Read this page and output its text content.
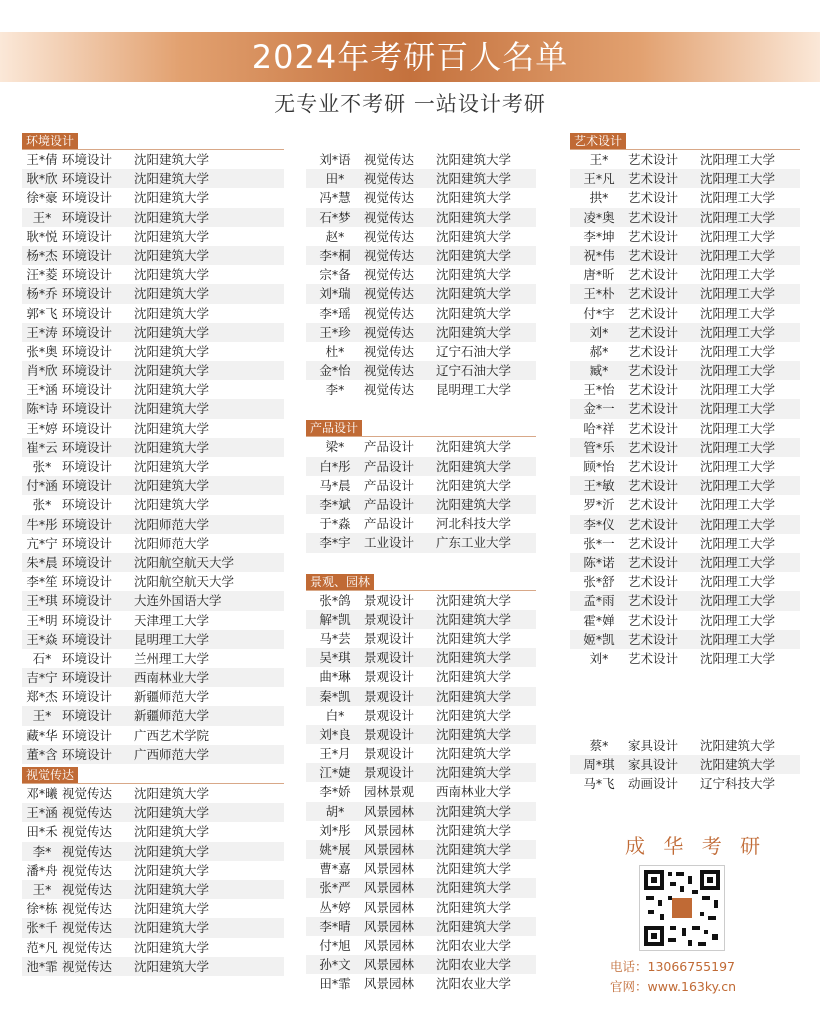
2024年考研百人名单
无专业不考研 一站设计考研
环境设计
王*倩 环境设计	沈阳建筑大学
耿*欣 环境设计	沈阳建筑大学
徐*豪 环境设计	沈阳建筑大学
王* 环境设计	沈阳建筑大学
耿*悦 环境设计	沈阳建筑大学
杨*杰 环境设计	沈阳建筑大学
汪*菱 环境设计	沈阳建筑大学
杨*乔 环境设计	沈阳建筑大学
郭*飞 环境设计	沈阳建筑大学
王*涛 环境设计	沈阳建筑大学
张*奥 环境设计	沈阳建筑大学
肖*欣 环境设计	沈阳建筑大学
王*涵 环境设计	沈阳建筑大学
陈*诗 环境设计	沈阳建筑大学
王*婷 环境设计	沈阳建筑大学
崔*云 环境设计	沈阳建筑大学
张* 环境设计	沈阳建筑大学
付*涵 环境设计	沈阳建筑大学
张* 环境设计	沈阳建筑大学
牛*彤 环境设计	沈阳师范大学
亢*宁 环境设计	沈阳师范大学
朱*晨 环境设计	沈阳航空航天大学
李*笙 环境设计	沈阳航空航天大学
王*琪 环境设计	大连外国语大学
王*明 环境设计	天津理工大学
王*焱 环境设计	昆明理工大学
石* 环境设计	兰州理工大学
吉*宁 环境设计	西南林业大学
郑*杰 环境设计	新疆师范大学
王* 环境设计	新疆师范大学
藏*华 环境设计	广西艺术学院
董*含 环境设计	广西师范大学
视觉传达
邓*曦 视觉传达	沈阳建筑大学
王*涵 视觉传达	沈阳建筑大学
田*禾 视觉传达	沈阳建筑大学
李* 视觉传达	沈阳建筑大学
潘*舟 视觉传达	沈阳建筑大学
王* 视觉传达	沈阳建筑大学
徐*栋 视觉传达	沈阳建筑大学
张*千 视觉传达	沈阳建筑大学
范*凡 视觉传达	沈阳建筑大学
池*霏 视觉传达	沈阳建筑大学
刘*语	视觉传达	沈阳建筑大学
田*	视觉传达	沈阳建筑大学
冯*慧	视觉传达	沈阳建筑大学
石*梦	视觉传达	沈阳建筑大学
赵*	视觉传达	沈阳建筑大学
李*桐	视觉传达	沈阳建筑大学
宗*备	视觉传达	沈阳建筑大学
刘*瑞	视觉传达	沈阳建筑大学
李*瑶	视觉传达	沈阳建筑大学
王*珍	视觉传达	沈阳建筑大学
杜*	视觉传达	辽宁石油大学
金*怡	视觉传达	辽宁石油大学
李*	视觉传达	昆明理工大学
产品设计
梁*	产品设计	沈阳建筑大学
白*彤	产品设计	沈阳建筑大学
马*晨	产品设计	沈阳建筑大学
李*斌	产品设计	沈阳建筑大学
于*淼	产品设计	河北科技大学
李*宇	工业设计	广东工业大学
景观、园林
张*鸽	景观设计	沈阳建筑大学
解*凯	景观设计	沈阳建筑大学
马*芸	景观设计	沈阳建筑大学
吴*琪	景观设计	沈阳建筑大学
曲*琳	景观设计	沈阳建筑大学
秦*凯	景观设计	沈阳建筑大学
白*	景观设计	沈阳建筑大学
刘*良	景观设计	沈阳建筑大学
王*月	景观设计	沈阳建筑大学
江*婕	景观设计	沈阳建筑大学
李*娇	园林景观	西南林业大学
胡*	风景园林	沈阳建筑大学
刘*彤	风景园林	沈阳建筑大学
姚*展	风景园林	沈阳建筑大学
曹*嘉	风景园林	沈阳建筑大学
张*严	风景园林	沈阳建筑大学
丛*婷	风景园林	沈阳建筑大学
李*晴	风景园林	沈阳建筑大学
付*旭	风景园林	沈阳农业大学
孙*文	风景园林	沈阳农业大学
田*霏	风景园林	沈阳农业大学
艺术设计
王*	艺术设计	沈阳理工大学
王*凡	艺术设计	沈阳理工大学
拱*	艺术设计	沈阳理工大学
凌*奥	艺术设计	沈阳理工大学
李*坤	艺术设计	沈阳理工大学
祝*伟	艺术设计	沈阳理工大学
唐*昕	艺术设计	沈阳理工大学
王*朴	艺术设计	沈阳理工大学
付*宇	艺术设计	沈阳理工大学
刘*	艺术设计	沈阳理工大学
郝*	艺术设计	沈阳理工大学
臧*	艺术设计	沈阳理工大学
王*怡	艺术设计	沈阳理工大学
金*一	艺术设计	沈阳理工大学
哈*祥	艺术设计	沈阳理工大学
管*乐	艺术设计	沈阳理工大学
顾*怡	艺术设计	沈阳理工大学
王*敏	艺术设计	沈阳理工大学
罗*沂	艺术设计	沈阳理工大学
李*仪	艺术设计	沈阳理工大学
张*一	艺术设计	沈阳理工大学
陈*诺	艺术设计	沈阳理工大学
张*舒	艺术设计	沈阳理工大学
孟*雨	艺术设计	沈阳理工大学
霍*婵	艺术设计	沈阳理工大学
姬*凯	艺术设计	沈阳理工大学
刘*	艺术设计	沈阳理工大学
蔡*	家具设计	沈阳建筑大学
周*琪	家具设计	沈阳建筑大学
马*飞	动画设计	辽宁科技大学
成 华 考 研
电话：13066755197
官网：www.163ky.cn
